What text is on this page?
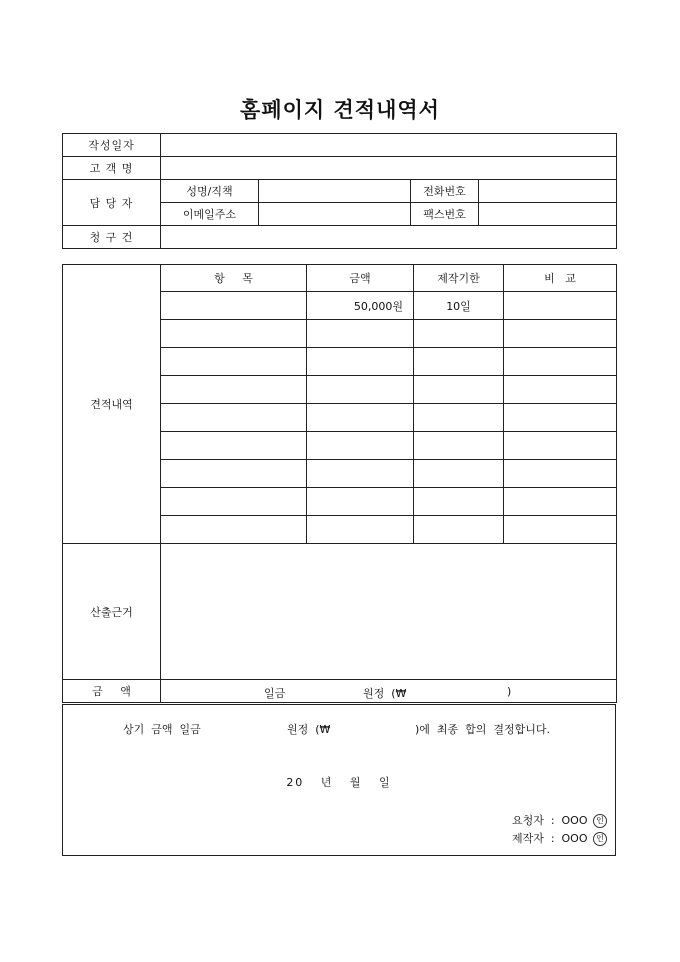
홈페이지 견적내역서
작성일자				
고 객 명				
담 당 자	성명/직책		전화번호	
	이메일주소		팩스번호	
청 구 건				
견적내역	항     목	금액	제작기한	비   교
		50,000원	10일	

산출근거				
금     액	일금 원정  (₩ )			
상기  금액  일금	원정  (₩	)에  최종  합의  결정합니다.
20   년   월   일
요청자  :  OOO 인
제작자  :  OOO 인
